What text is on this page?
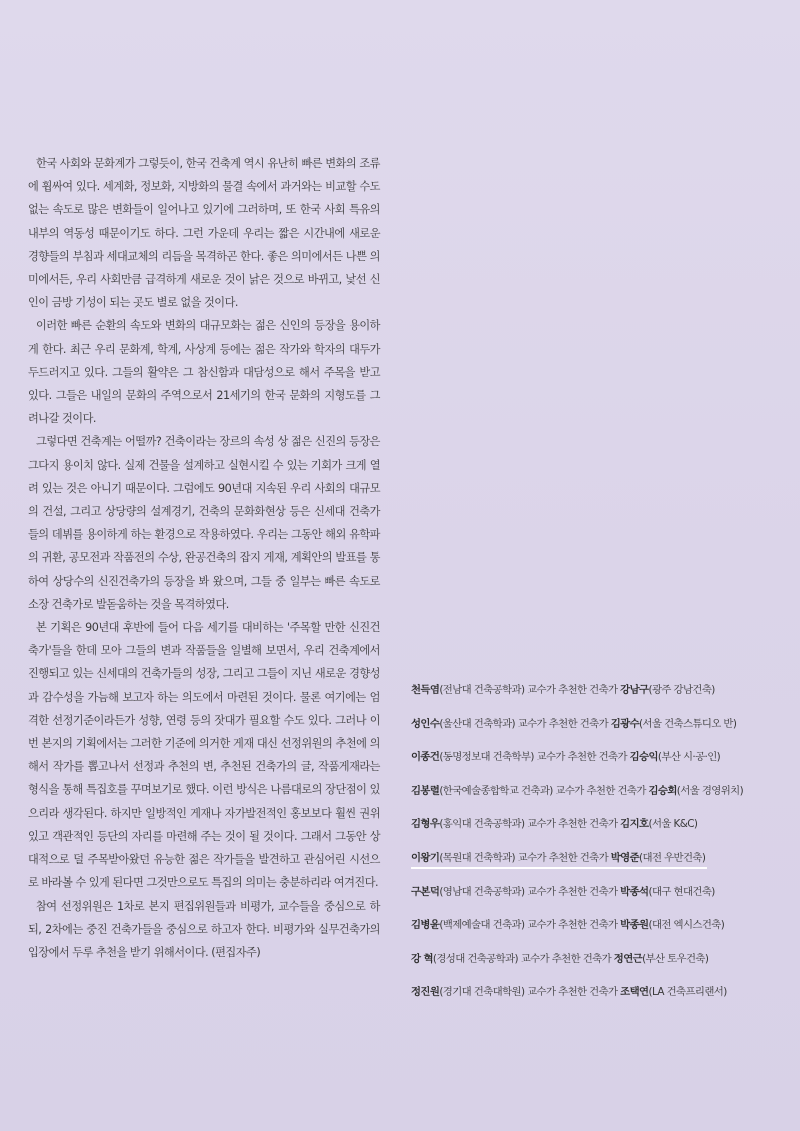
한국 사회와 문화계가 그렇듯이, 한국 건축계 역시 유난히 빠른 변화의 조류에 휩싸여 있다. 세계화, 정보화, 지방화의 물결 속에서 과거와는 비교할 수도 없는 속도로 많은 변화들이 일어나고 있기에 그러하며, 또 한국 사회 특유의 내부의 역동성 때문이기도 하다. 그런 가운데 우리는 짧은 시간내에 새로운 경향들의 부침과 세대교체의 리듬을 목격하곤 한다. 좋은 의미에서든 나쁜 의미에서든, 우리 사회만큼 급격하게 새로운 것이 낡은 것으로 바뀌고, 낯선 신인이 금방 기성이 되는 곳도 별로 없을 것이다.

이러한 빠른 순환의 속도와 변화의 대규모화는 젊은 신인의 등장을 용이하게 한다. 최근 우리 문화계, 학계, 사상계 등에는 젊은 작가와 학자의 대두가 두드러지고 있다. 그들의 활약은 그 참신함과 대담성으로 해서 주목을 받고 있다. 그들은 내일의 문화의 주역으로서 21세기의 한국 문화의 지형도를 그려나갈 것이다.

그렇다면 건축계는 어떨까? 건축이라는 장르의 속성 상 젊은 신진의 등장은 그다지 용이치 않다. 실제 건물을 설계하고 실현시킬 수 있는 기회가 크게 열려 있는 것은 아니기 때문이다. 그럼에도 90년대 지속된 우리 사회의 대규모의 건설, 그리고 상당량의 설계경기, 건축의 문화화현상 등은 신세대 건축가들의 데뷔를 용이하게 하는 환경으로 작용하였다. 우리는 그동안 해외 유학파의 귀환, 공모전과 작품전의 수상, 완공건축의 잡지 게재, 계획안의 발표를 통하여 상당수의 신진건축가의 등장을 봐 왔으며, 그들 중 일부는 빠른 속도로 소장 건축가로 발돋움하는 것을 목격하였다.

본 기획은 90년대 후반에 들어 다음 세기를 대비하는 '주목할 만한 신진건축가'들을 한데 모아 그들의 변과 작품들을 일별해 보면서, 우리 건축계에서 진행되고 있는 신세대의 건축가들의 성장, 그리고 그들이 지닌 새로운 경향성과 감수성을 가늠해 보고자 하는 의도에서 마련된 것이다. 물론 여기에는 엄격한 선정기준이라든가 성향, 연령 등의 잣대가 필요할 수도 있다. 그러나 이번 본지의 기획에서는 그러한 기준에 의거한 게재 대신 선정위원의 추천에 의해서 작가를 뽑고나서 선정과 추천의 변, 추천된 건축가의 글, 작품게재라는 형식을 통해 특집호를 꾸며보기로 했다. 이런 방식은 나름대로의 장단점이 있으리라 생각된다. 하지만 일방적인 게재나 자가발전적인 홍보보다 훨씬 권위있고 객관적인 등단의 자리를 마련해 주는 것이 될 것이다. 그래서 그동안 상대적으로 덜 주목받아왔던 유능한 젊은 작가들을 발견하고 관심어린 시선으로 바라볼 수 있게 된다면 그것만으로도 특집의 의미는 충분하리라 여겨진다.

참여 선정위원은 1차로 본지 편집위원들과 비평가, 교수들을 중심으로 하되, 2차에는 중진 건축가들을 중심으로 하고자 한다. 비평가와 실무건축가의 입장에서 두루 추천을 받기 위해서이다. (편집자주)

천득염(전남대 건축공학과) 교수가 추천한 건축가 강남구(광주 강남건축)
성인수(울산대 건축학과) 교수가 추천한 건축가 김광수(서울 건축스튜디오 반)
이종건(동명정보대 건축학부) 교수가 추천한 건축가 김승익(부산 시·공·인)
김봉렬(한국예술종합학교 건축과) 교수가 추천한 건축가 김승회(서울 경영위치)
김형우(홍익대 건축공학과) 교수가 추천한 건축가 김지호(서울 K&C)
이왕기(목원대 건축학과) 교수가 추천한 건축가 박영준(대전 우반건축)
구본덕(영남대 건축공학과) 교수가 추천한 건축가 박종석(대구 현대건축)
김병윤(백제예술대 건축과) 교수가 추천한 건축가 박종원(대전 엑시스건축)
강 혁(경성대 건축공학과) 교수가 추천한 건축가 정연근(부산 토우건축)
정진원(경기대 건축대학원) 교수가 추천한 건축가 조택연(LA 건축프리랜서)
